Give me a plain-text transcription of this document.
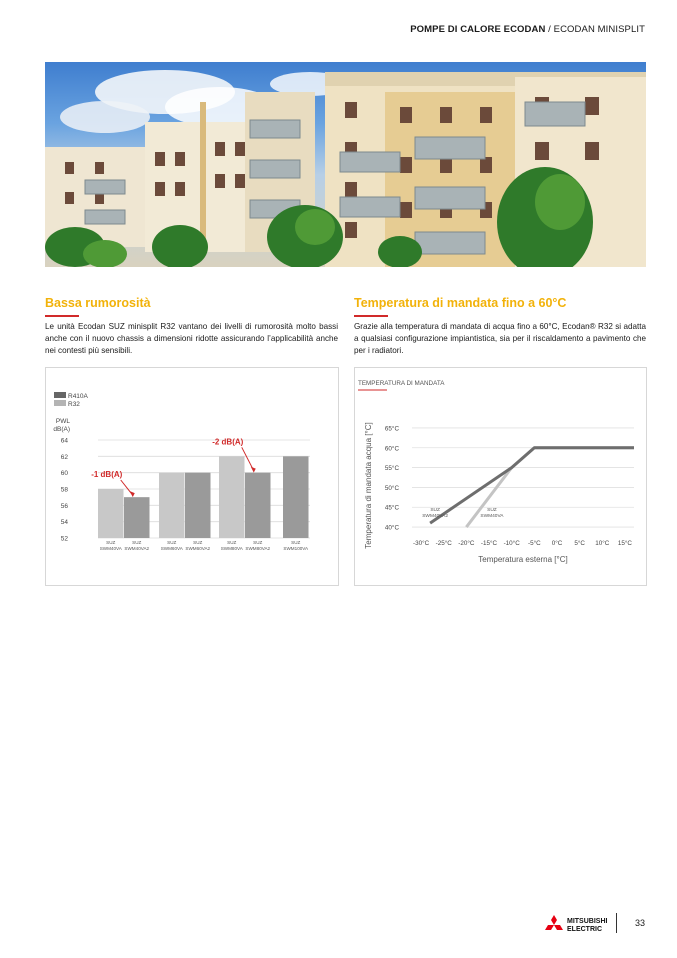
POMPE DI CALORE ECODAN / ECODAN MINISPLIT
Bassa rumorosità
Le unità Ecodan SUZ minisplit R32 vantano dei livelli di rumorosità molto bassi anche con il nuovo chassis a dimensioni ridotte assicurando l’applicabilità anche nei contesti più sensibili.
Temperatura di mandata fino a 60°C
Grazie alla temperatura di mandata di acqua fino a 60°C, Ecodan® R32 si adatta a qualsiasi configurazione impiantistica, sia per il riscaldamento a pavimento che per i radiatori.
R410A
R32
PWL
dB(A)
52
54
56
58
60
62
64
SUZ
SWM40VA
SUZ
SWM40VA2
SUZ
SWM60VA
SUZ
SWM60VA2
SUZ
SWM80VA
SUZ
SWM80VA2
SUZ
SWM100VA
-1 dB(A)
-2 dB(A)
TEMPERATURA DI MANDATA
40°C
45°C
50°C
55°C
60°C
65°C
-30°C -25°C -20°C -15°C -10°C -5°C 0°C 5°C 10°C 15°C
Temperatura esterna [°C]
Temperatura di mandata acqua [°C]	SUZ
SWM40VA2
SUZ
SWM40VA
MITSUBISHI
ELECTRIC
33
